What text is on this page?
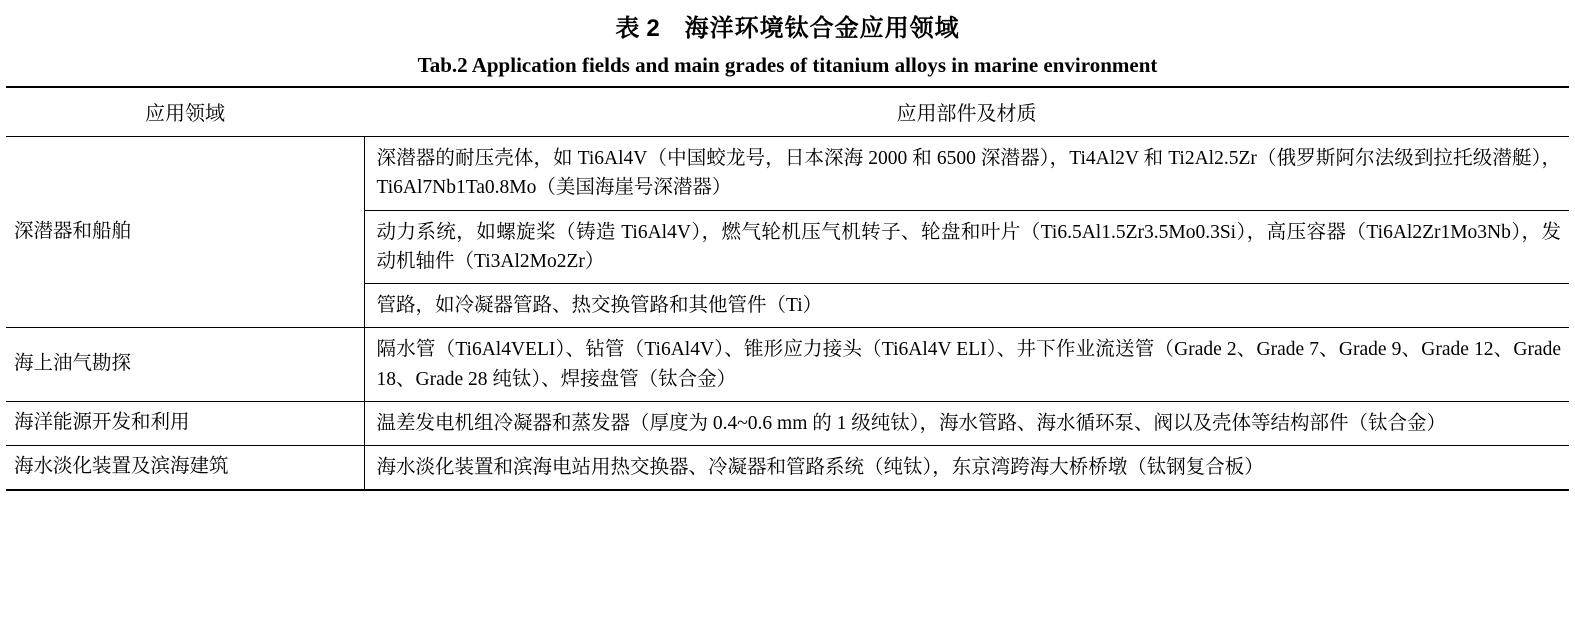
表 2 海洋环境钛合金应用领域
Tab.2 Application fields and main grades of titanium alloys in marine environment
应用领域	应用部件及材质
深潜器和船舶	深潜器的耐压壳体，如 Ti6Al4V（中国蛟龙号，日本深海 2000 和 6500 深潜器），Ti4Al2V 和 Ti2Al2.5Zr（俄罗斯阿尔法级到拉托级潜艇），Ti6Al7Nb1Ta0.8Mo（美国海崖号深潜器）
	动力系统，如螺旋桨（铸造 Ti6Al4V），燃气轮机压气机转子、轮盘和叶片（Ti6.5Al1.5Zr3.5Mo0.3Si），高压容器（Ti6Al2Zr1Mo3Nb），发动机轴件（Ti3Al2Mo2Zr）
	管路，如冷凝器管路、热交换管路和其他管件（Ti）
海上油气勘探	隔水管（Ti6Al4VELI）、钻管（Ti6Al4V）、锥形应力接头（Ti6Al4V ELI）、井下作业流送管（Grade 2、Grade 7、Grade 9、Grade 12、Grade 18、Grade 28 纯钛）、焊接盘管（钛合金）
海洋能源开发和利用	温差发电机组冷凝器和蒸发器（厚度为 0.4~0.6 mm 的 1 级纯钛），海水管路、海水循环泵、阀以及壳体等结构部件（钛合金）
海水淡化装置及滨海建筑	海水淡化装置和滨海电站用热交换器、冷凝器和管路系统（纯钛），东京湾跨海大桥桥墩（钛钢复合板）
